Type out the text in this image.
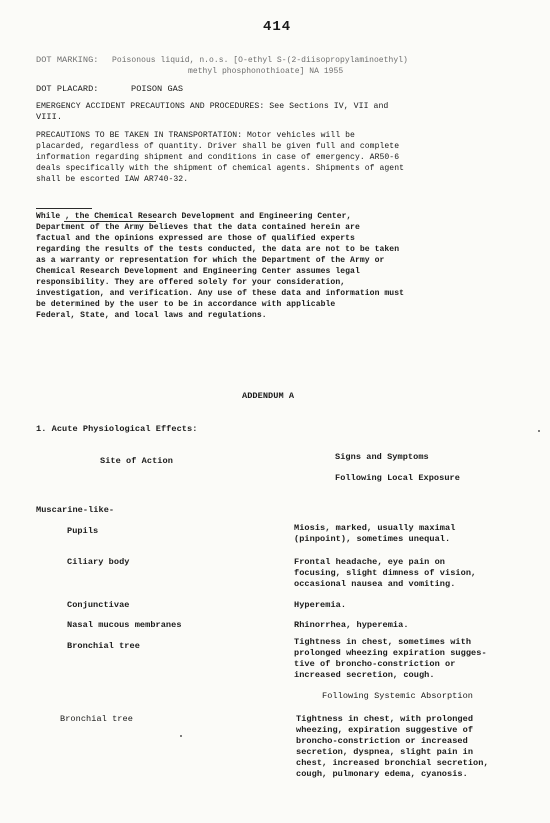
414
DOT MARKING: Poisonous liquid, n.o.s. [O-ethyl S-(2-diisopropylaminoethyl)
methyl phosphonothioate] NA 1955
DOT PLACARD:	POISON GAS
EMERGENCY ACCIDENT PRECAUTIONS AND PROCEDURES: See Sections IV, VII and
VIII.
PRECAUTIONS TO BE TAKEN IN TRANSPORTATION: Motor vehicles will be
placarded, regardless of quantity. Driver shall be given full and complete
information regarding shipment and conditions in case of emergency. AR50-6
deals specifically with the shipment of chemical agents. Shipments of agent
shall be escorted IAW AR740-32.
While , the Chemical Research Development and Engineering Center,
Department of the Army believes that the data contained herein are
factual and the opinions expressed are those of qualified experts
regarding the results of the tests conducted, the data are not to be taken
as a warranty or representation for which the Department of the Army or
Chemical Research Development and Engineering Center assumes legal
responsibility. They are offered solely for your consideration,
investigation, and verification. Any use of these data and information must
be determined by the user to be in accordance with applicable
Federal, State, and local laws and regulations.
ADDENDUM A
1. Acute Physiological Effects:
Site of Action	Signs and Symptoms
Following Local Exposure
Muscarine-like-
Pupils	Miosis, marked, usually maximal
(pinpoint), sometimes unequal.
Ciliary body	Frontal headache, eye pain on
focusing, slight dimness of vision,
occasional nausea and vomiting.
Conjunctivae	Hyperemia.
Nasal mucous membranes	Rhinorrhea, hyperemia.
Bronchial tree	Tightness in chest, sometimes with
prolonged wheezing expiration sugges-
tive of broncho-constriction or
increased secretion, cough.
Following Systemic Absorption
Bronchial tree	Tightness in chest, with prolonged
wheezing, expiration suggestive of
broncho-constriction or increased
secretion, dyspnea, slight pain in
chest, increased bronchial secretion,
cough, pulmonary edema, cyanosis.
